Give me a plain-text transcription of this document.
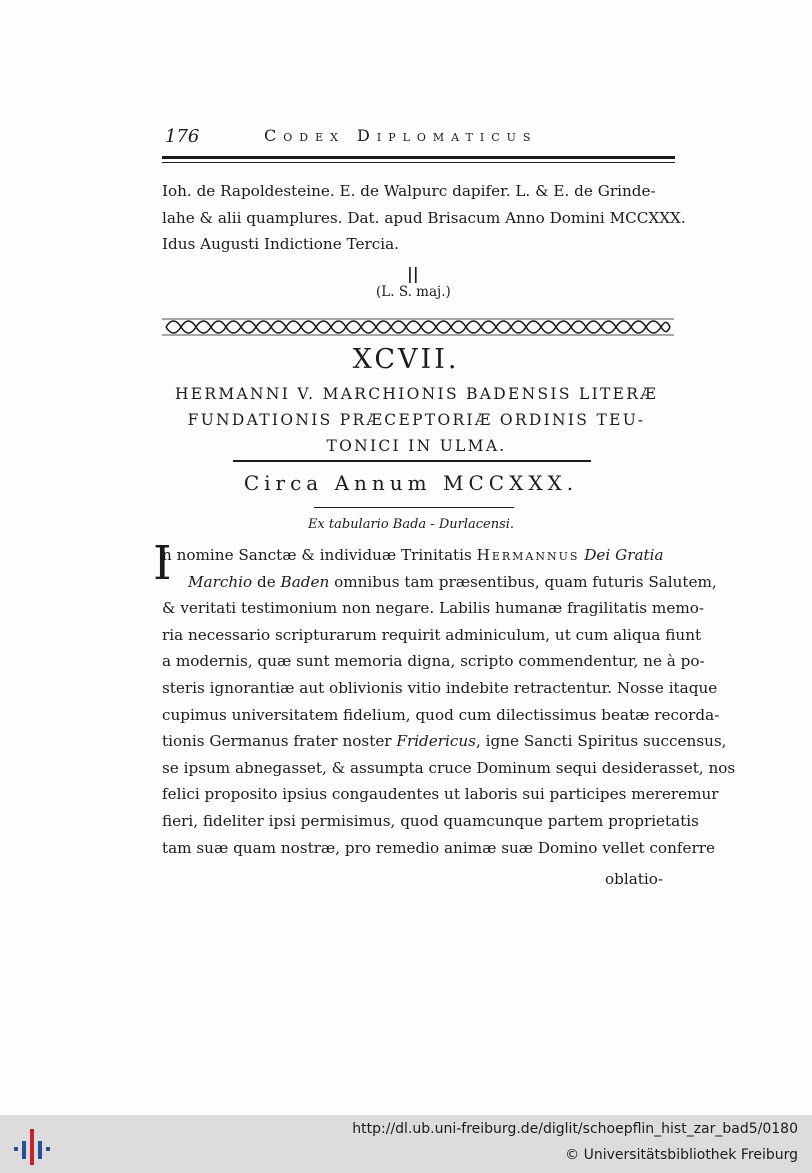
176	Codex Diplomaticus
Ioh. de Rapoldesteine. E. de Walpurc dapifer. L. & E. de Grinde-
lahe & alii quamplures. Dat. apud Brisacum Anno Domini MCCXXX.
Idus Augusti Indictione Tercia.
||
(L. S. maj.)
XCVII.
HERMANNI V. MARCHIONIS BADENSIS LITERÆ
FUNDATIONIS PRÆCEPTORIÆ ORDINIS TEU-
TONICI IN ULMA.
Circa Annum MCCXXX.
Ex tabulario Bada - Durlacensi.
I
n nomine Sanctæ & individuæ Trinitatis Hermannus Dei Gratia
Marchio de Baden omnibus tam præsentibus, quam futuris Salutem,
& veritati testimonium non negare. Labilis humanæ fragilitatis memo-
ria necessario scripturarum requirit adminiculum, ut cum aliqua fiunt
a modernis, quæ sunt memoria digna, scripto commendentur, ne à po-
steris ignorantiæ aut oblivionis vitio indebite retractentur. Nosse itaque
cupimus universitatem fidelium, quod cum dilectissimus beatæ recorda-
tionis Germanus frater noster Fridericus, igne Sancti Spiritus succensus,
se ipsum abnegasset, & assumpta cruce Dominum sequi desiderasset, nos
felici proposito ipsius congaudentes ut laboris sui participes mereremur
fieri, fideliter ipsi permisimus, quod quamcunque partem proprietatis
tam suæ quam nostræ, pro remedio animæ suæ Domino vellet conferre
oblatio-
http://dl.ub.uni-freiburg.de/diglit/schoepflin_hist_zar_bad5/0180
© Universitätsbibliothek Freiburg
